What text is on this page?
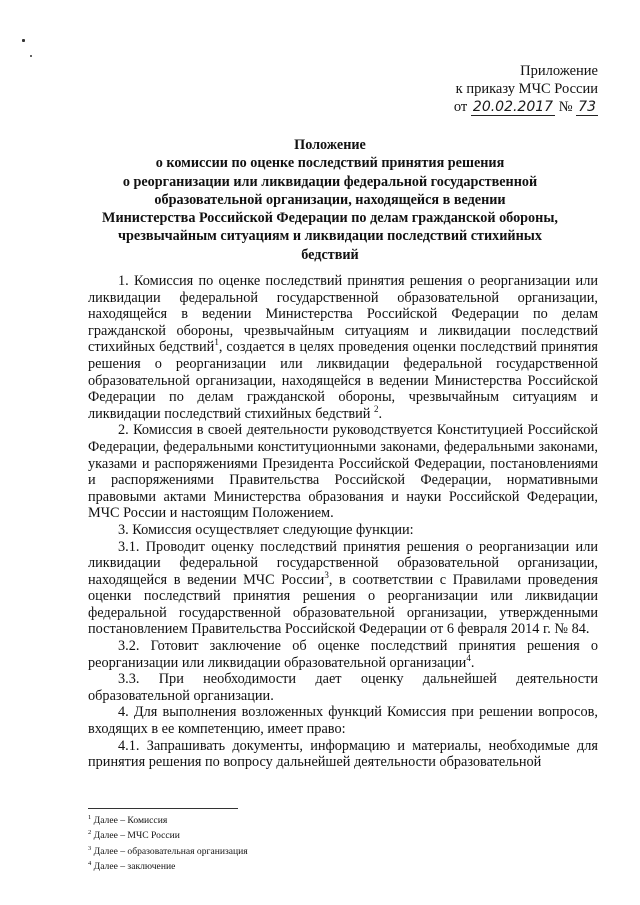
Приложение
к приказу МЧС России
от 20.02.2017 № 73
Положение
о комиссии по оценке последствий принятия решения
о реорганизации или ликвидации федеральной государственной
образовательной организации, находящейся в ведении
Министерства Российской Федерации по делам гражданской обороны,
чрезвычайным ситуациям и ликвидации последствий стихийных
бедствий

1. Комиссия по оценке последствий принятия решения о реорганизации или ликвидации федеральной государственной образовательной организации, находящейся в ведении Министерства Российской Федерации по делам гражданской обороны, чрезвычайным ситуациям и ликвидации последствий стихийных бедствий$^1$, создается в целях проведения оценки последствий принятия решения о реорганизации или ликвидации федеральной государственной образовательной организации, находящейся в ведении Министерства Российской Федерации по делам гражданской обороны, чрезвычайным ситуациям и ликвидации последствий стихийных бедствий $^2$.

2. Комиссия в своей деятельности руководствуется Конституцией Российской Федерации, федеральными конституционными законами, федеральными законами, указами и распоряжениями Президента Российской Федерации, постановлениями и распоряжениями Правительства Российской Федерации, нормативными правовыми актами Министерства образования и науки Российской Федерации, МЧС России и настоящим Положением.

3. Комиссия осуществляет следующие функции:

3.1. Проводит оценку последствий принятия решения о реорганизации или ликвидации федеральной государственной образовательной организации, находящейся в ведении МЧС России$^3$, в соответствии с Правилами проведения оценки последствий принятия решения о реорганизации или ликвидации федеральной государственной образовательной организации, утвержденными постановлением Правительства Российской Федерации от 6 февраля 2014 г. № 84.

3.2. Готовит заключение об оценке последствий принятия решения о реорганизации или ликвидации образовательной организации$^4$.

3.3. При необходимости дает оценку дальнейшей деятельности образовательной организации.

4. Для выполнения возложенных функций Комиссия при решении вопросов, входящих в ее компетенцию, имеет право:

4.1. Запрашивать документы, информацию и материалы, необходимые для принятия решения по вопросу дальнейшей деятельности образовательной

$^1$ Далее – Комиссия
$^2$ Далее – МЧС России
$^3$ Далее – образовательная организация
$^4$ Далее – заключение
